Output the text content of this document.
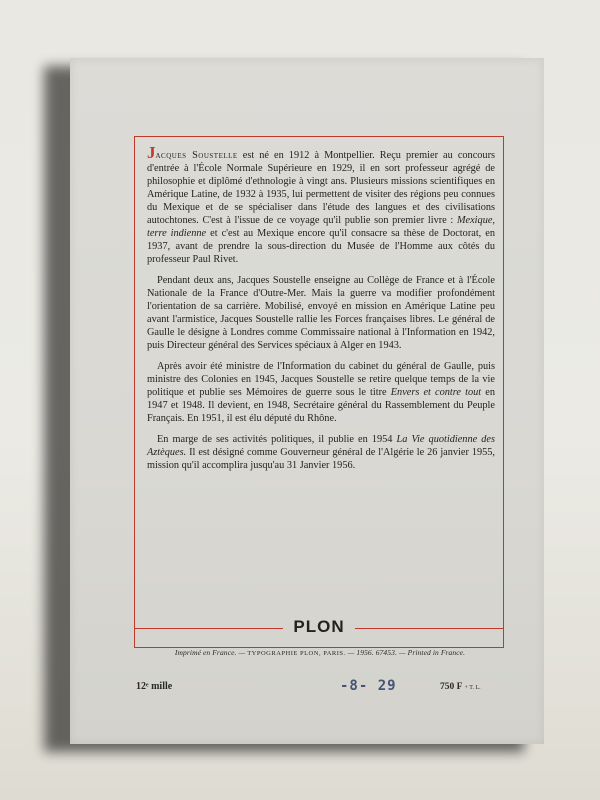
Jacques Soustelle est né en 1912 à Montpellier. Reçu premier au concours d'entrée à l'École Normale Supérieure en 1929, il en sort professeur agrégé de philosophie et diplômé d'ethnologie à vingt ans. Plusieurs missions scientifiques en Amérique Latine, de 1932 à 1935, lui permettent de visiter des régions peu connues du Mexique et de se spécialiser dans l'étude des langues et des civilisations autochtones. C'est à l'issue de ce voyage qu'il publie son premier livre : Mexique, terre indienne et c'est au Mexique encore qu'il consacre sa thèse de Doctorat, en 1937, avant de prendre la sous-direction du Musée de l'Homme aux côtés du professeur Paul Rivet.

Pendant deux ans, Jacques Soustelle enseigne au Collège de France et à l'École Nationale de la France d'Outre-Mer. Mais la guerre va modifier profondément l'orientation de sa carrière. Mobilisé, envoyé en mission en Amérique Latine peu avant l'armistice, Jacques Soustelle rallie les Forces françaises libres. Le général de Gaulle le désigne à Londres comme Commissaire national à l'Information en 1942, puis Directeur général des Services spéciaux à Alger en 1943.

Après avoir été ministre de l'Information du cabinet du général de Gaulle, puis ministre des Colonies en 1945, Jacques Soustelle se retire quelque temps de la vie politique et publie ses Mémoires de guerre sous le titre Envers et contre tout en 1947 et 1948. Il devient, en 1948, Secrétaire général du Rassemblement du Peuple Français. En 1951, il est élu député du Rhône.

En marge de ses activités politiques, il publie en 1954 La Vie quotidienne des Aztèques. Il est désigné comme Gouverneur général de l'Algérie le 26 janvier 1955, mission qu'il accomplira jusqu'au 31 Janvier 1956.

PLON
Imprimé en France. — TYPOGRAPHIE PLON, PARIS. — 1956. 67453. — Printed in France.
12ᵉ mille	-8- 29	750 F + T. L.
